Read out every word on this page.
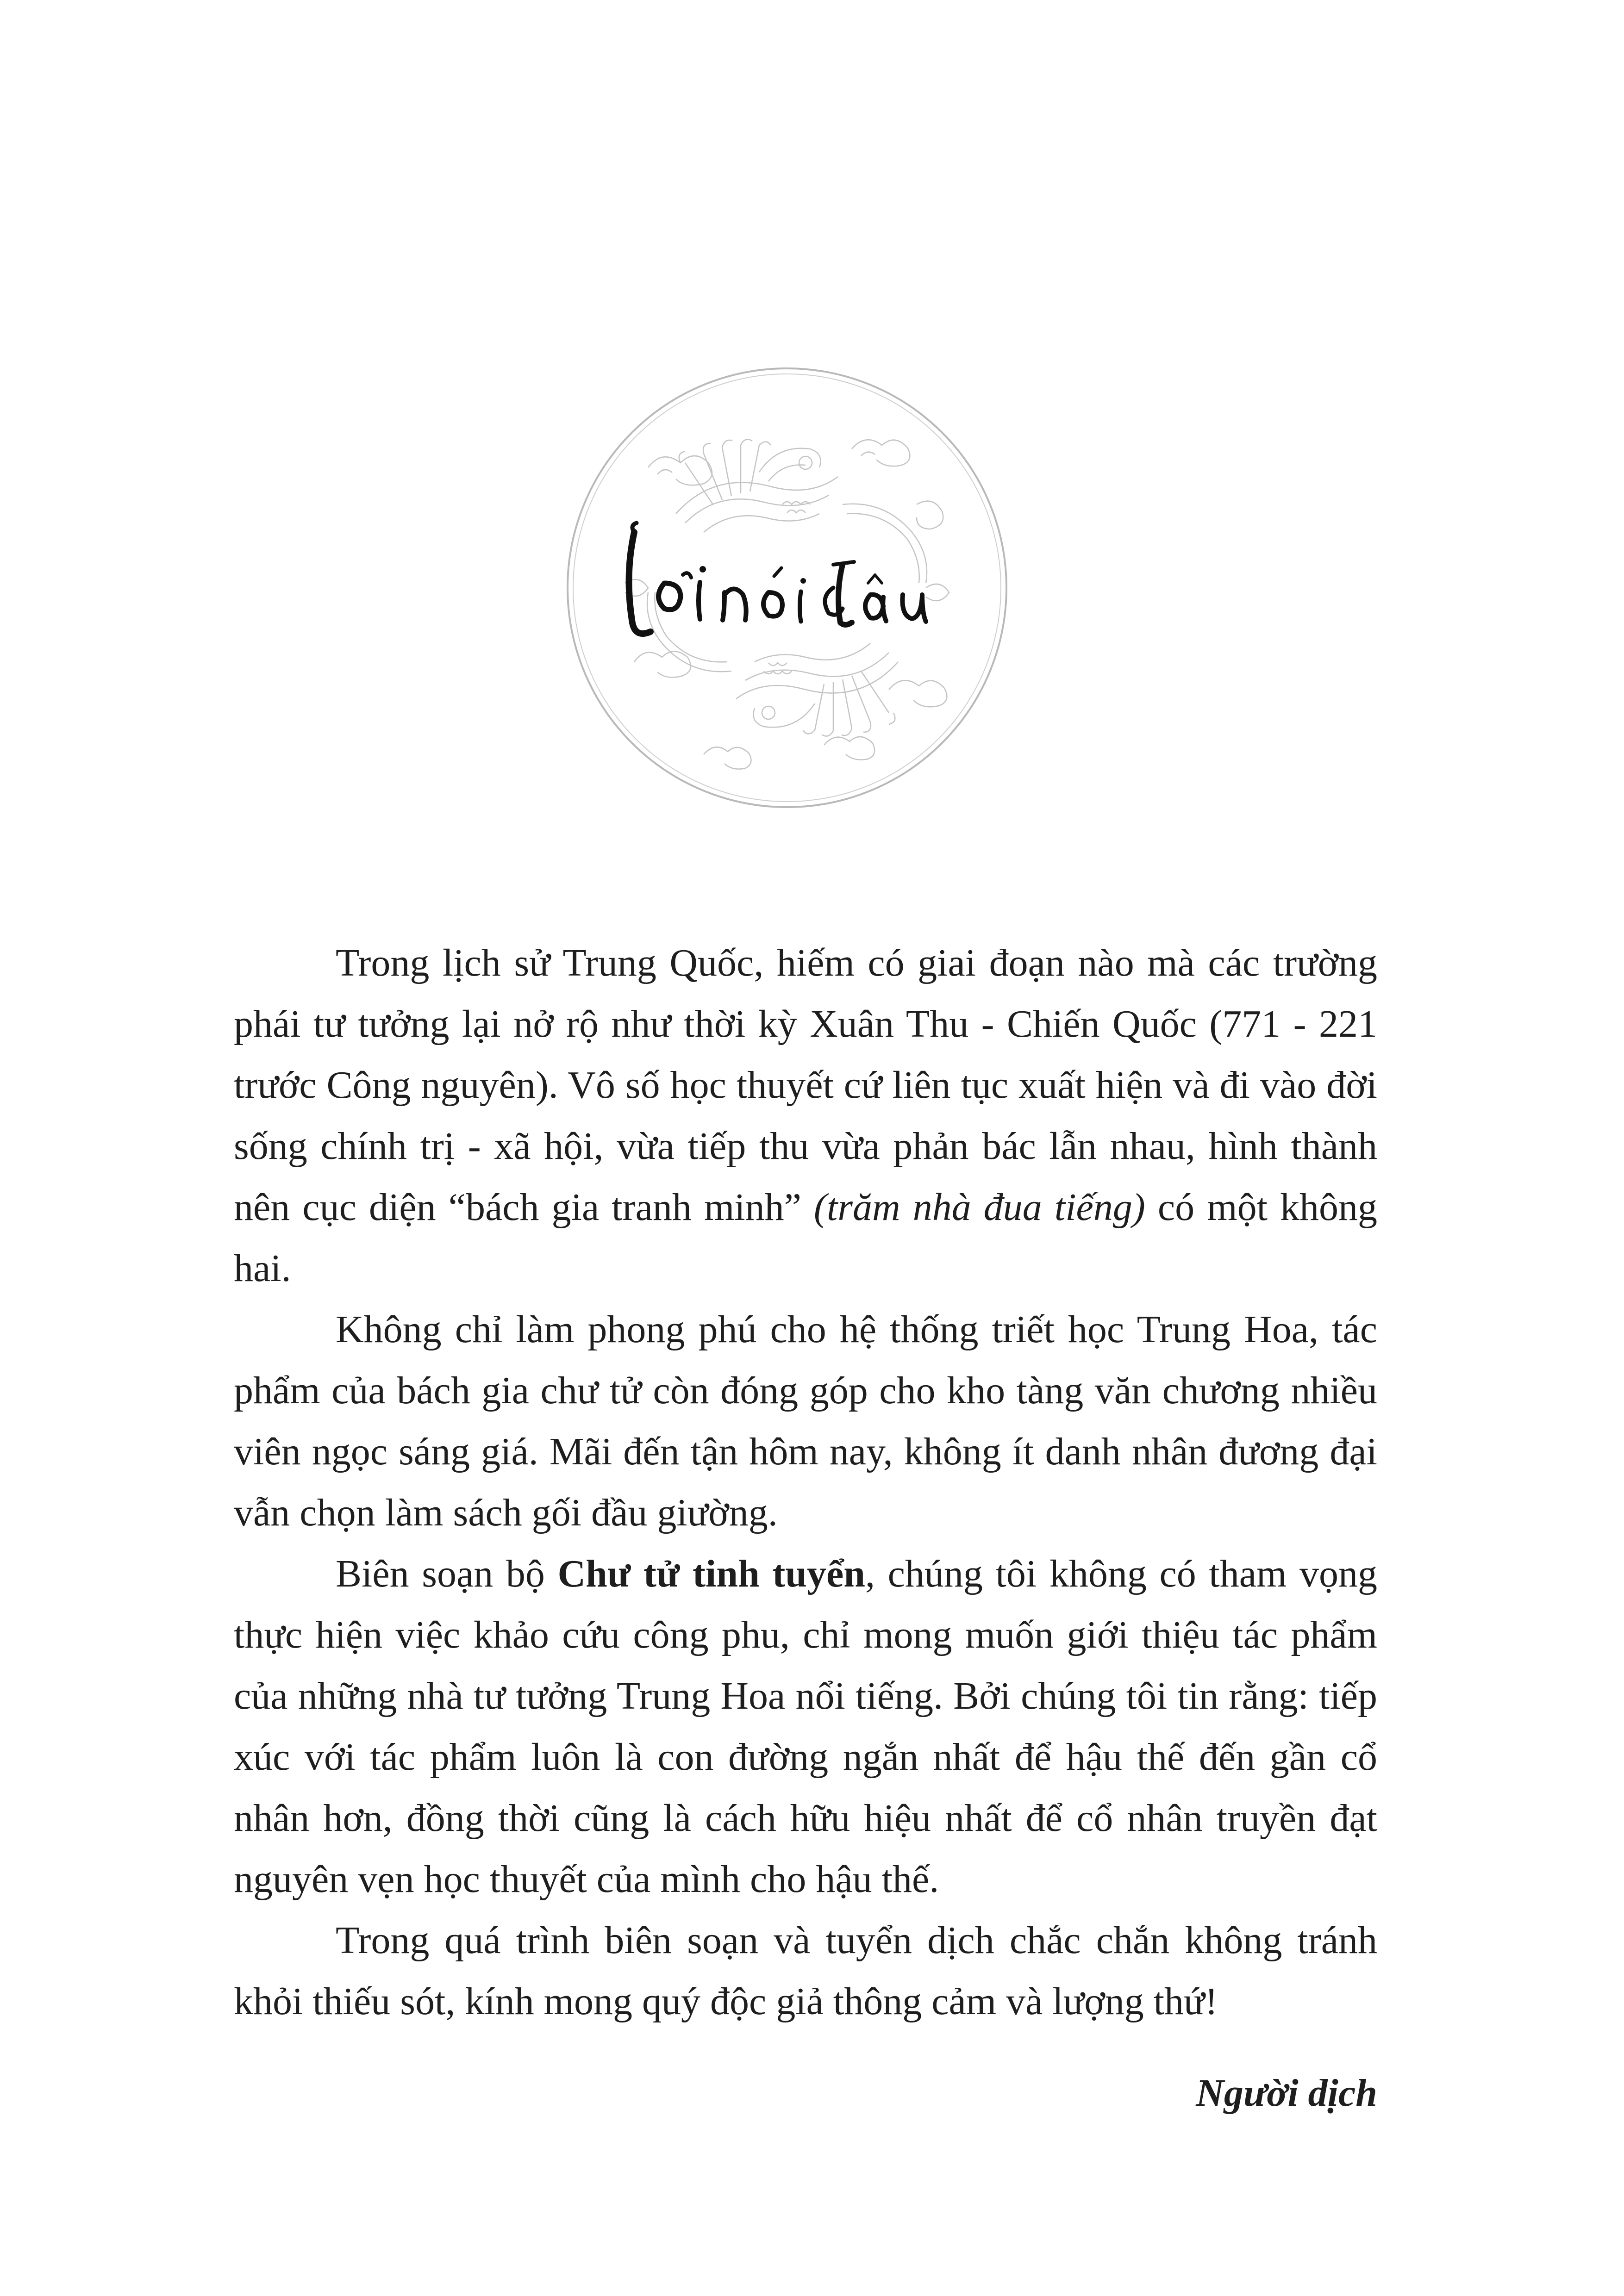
Trong lịch sử Trung Quốc, hiếm có giai đoạn nào mà các trường phái tư tưởng lại nở rộ như thời kỳ Xuân Thu - Chiến Quốc (771 - 221 trước Công nguyên). Vô số học thuyết cứ liên tục xuất hiện và đi vào đời sống chính trị - xã hội, vừa tiếp thu vừa phản bác lẫn nhau, hình thành nên cục diện “bách gia tranh minh” (trăm nhà đua tiếng) có một không hai.

Không chỉ làm phong phú cho hệ thống triết học Trung Hoa, tác phẩm của bách gia chư tử còn đóng góp cho kho tàng văn chương nhiều viên ngọc sáng giá. Mãi đến tận hôm nay, không ít danh nhân đương đại vẫn chọn làm sách gối đầu giường.

Biên soạn bộ Chư tử tinh tuyển, chúng tôi không có tham vọng thực hiện việc khảo cứu công phu, chỉ mong muốn giới thiệu tác phẩm của những nhà tư tưởng Trung Hoa nổi tiếng. Bởi chúng tôi tin rằng: tiếp xúc với tác phẩm luôn là con đường ngắn nhất để hậu thế đến gần cổ nhân hơn, đồng thời cũng là cách hữu hiệu nhất để cổ nhân truyền đạt nguyên vẹn học thuyết của mình cho hậu thế.

Trong quá trình biên soạn và tuyển dịch chắc chắn không tránh khỏi thiếu sót, kính mong quý độc giả thông cảm và lượng thứ!

Người dịch
